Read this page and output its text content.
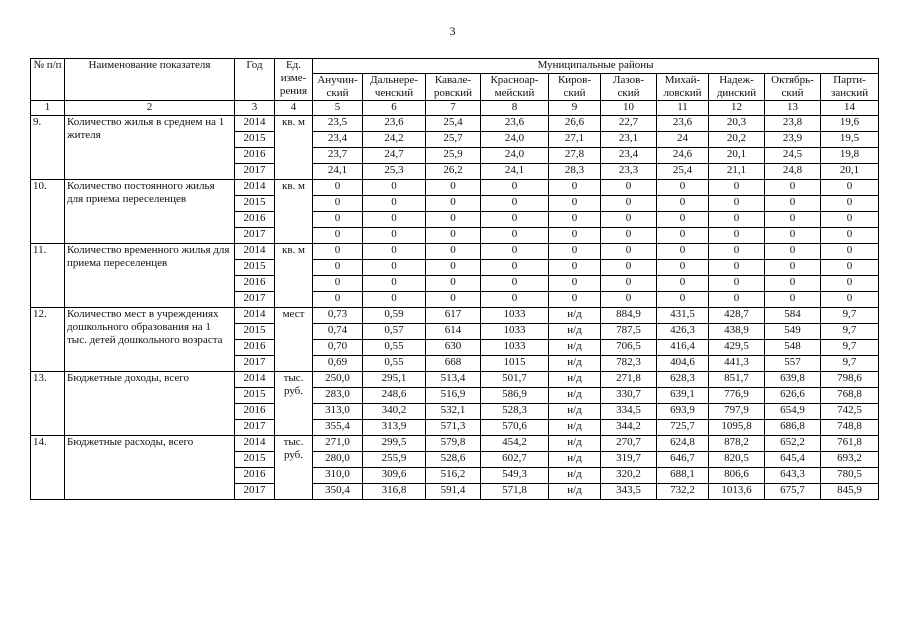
3
№ п/п	Наименование показателя	Год	Ед. изме-рения	Муниципальные районы									
				Анучин-ский	Дальнере-ченский	Кавале-ровский	Красноар-мейский	Киров-ский	Лазов-ский	Михай-ловский	Надеж-динский	Октябрь-ский	Парти-занский
1	2	3	4	5	6	7	8	9	10	11	12	13	14
9.	Количество жилья в среднем на 1 жителя	2014	кв. м	23,5	23,6	25,4	23,6	26,6	22,7	23,6	20,3	23,8	19,6
		2015		23,4	24,2	25,7	24,0	27,1	23,1	24	20,2	23,9	19,5
		2016		23,7	24,7	25,9	24,0	27,8	23,4	24,6	20,1	24,5	19,8
		2017		24,1	25,3	26,2	24,1	28,3	23,3	25,4	21,1	24,8	20,1
10.	Количество постоянного жилья для приема переселенцев	2014	кв. м	0	0	0	0	0	0	0	0	0	0
		2015		0	0	0	0	0	0	0	0	0	0
		2016		0	0	0	0	0	0	0	0	0	0
		2017		0	0	0	0	0	0	0	0	0	0
11.	Количество временного жилья для приема переселенцев	2014	кв. м	0	0	0	0	0	0	0	0	0	0
		2015		0	0	0	0	0	0	0	0	0	0
		2016		0	0	0	0	0	0	0	0	0	0
		2017		0	0	0	0	0	0	0	0	0	0
12.	Количество мест в учреждениях дошкольного образования на 1 тыс. детей дошкольного возраста	2014	мест	0,73	0,59	617	1033	н/д	884,9	431,5	428,7	584	9,7
		2015		0,74	0,57	614	1033	н/д	787,5	426,3	438,9	549	9,7
		2016		0,70	0,55	630	1033	н/д	706,5	416,4	429,5	548	9,7
		2017		0,69	0,55	668	1015	н/д	782,3	404,6	441,3	557	9,7
13.	Бюджетные доходы, всего	2014	тыс. руб.	250,0	295,1	513,4	501,7	н/д	271,8	628,3	851,7	639,8	798,6
		2015		283,0	248,6	516,9	586,9	н/д	330,7	639,1	776,9	626,6	768,8
		2016		313,0	340,2	532,1	528,3	н/д	334,5	693,9	797,9	654,9	742,5
		2017		355,4	313,9	571,3	570,6	н/д	344,2	725,7	1095,8	686,8	748,8
14.	Бюджетные расходы, всего	2014	тыс. руб.	271,0	299,5	579,8	454,2	н/д	270,7	624,8	878,2	652,2	761,8
		2015		280,0	255,9	528,6	602,7	н/д	319,7	646,7	820,5	645,4	693,2
		2016		310,0	309,6	516,2	549,3	н/д	320,2	688,1	806,6	643,3	780,5
		2017		350,4	316,8	591,4	571,8	н/д	343,5	732,2	1013,6	675,7	845,9
